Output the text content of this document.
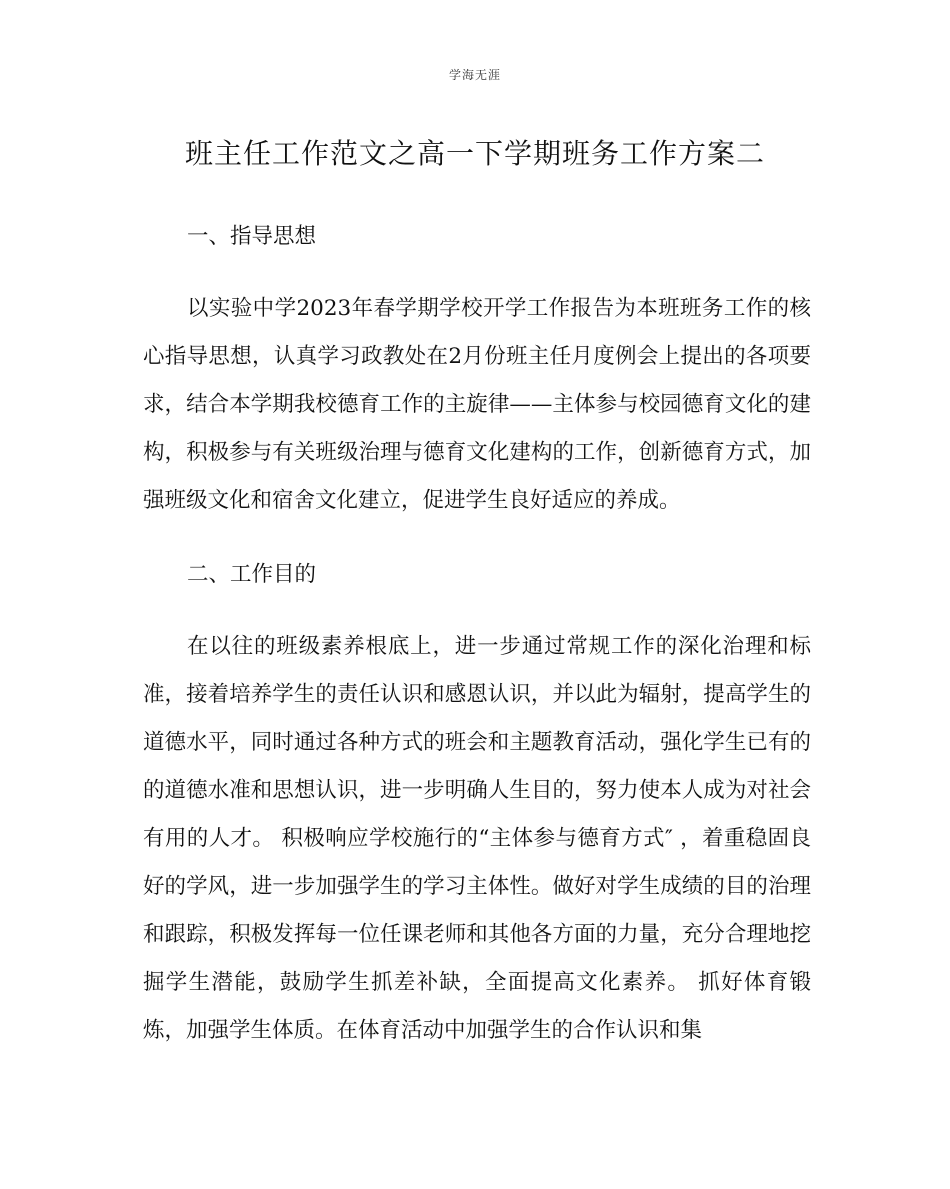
学海无涯
班主任工作范文之高一下学期班务工作方案二
一、指导思想

以实验中学2023年春学期学校开学工作报告为本班班务工作的核心指导思想，认真学习政教处在2月份班主任月度例会上提出的各项要求，结合本学期我校德育工作的主旋律——主体参与校园德育文化的建构，积极参与有关班级治理与德育文化建构的工作，创新德育方式，加强班级文化和宿舍文化建立，促进学生良好适应的养成。

二、工作目的

在以往的班级素养根底上，进一步通过常规工作的深化治理和标准，接着培养学生的责任认识和感恩认识，并以此为辐射，提高学生的道德水平，同时通过各种方式的班会和主题教育活动，强化学生已有的的道德水准和思想认识，进一步明确人生目的，努力使本人成为对社会有用的人才。 积极响应学校施行的“主体参与德育方式″ ，着重稳固良好的学风，进一步加强学生的学习主体性。做好对学生成绩的目的治理和跟踪，积极发挥每一位任课老师和其他各方面的力量，充分合理地挖掘学生潜能，鼓励学生抓差补缺，全面提高文化素养。 抓好体育锻炼，加强学生体质。在体育活动中加强学生的合作认识和集
